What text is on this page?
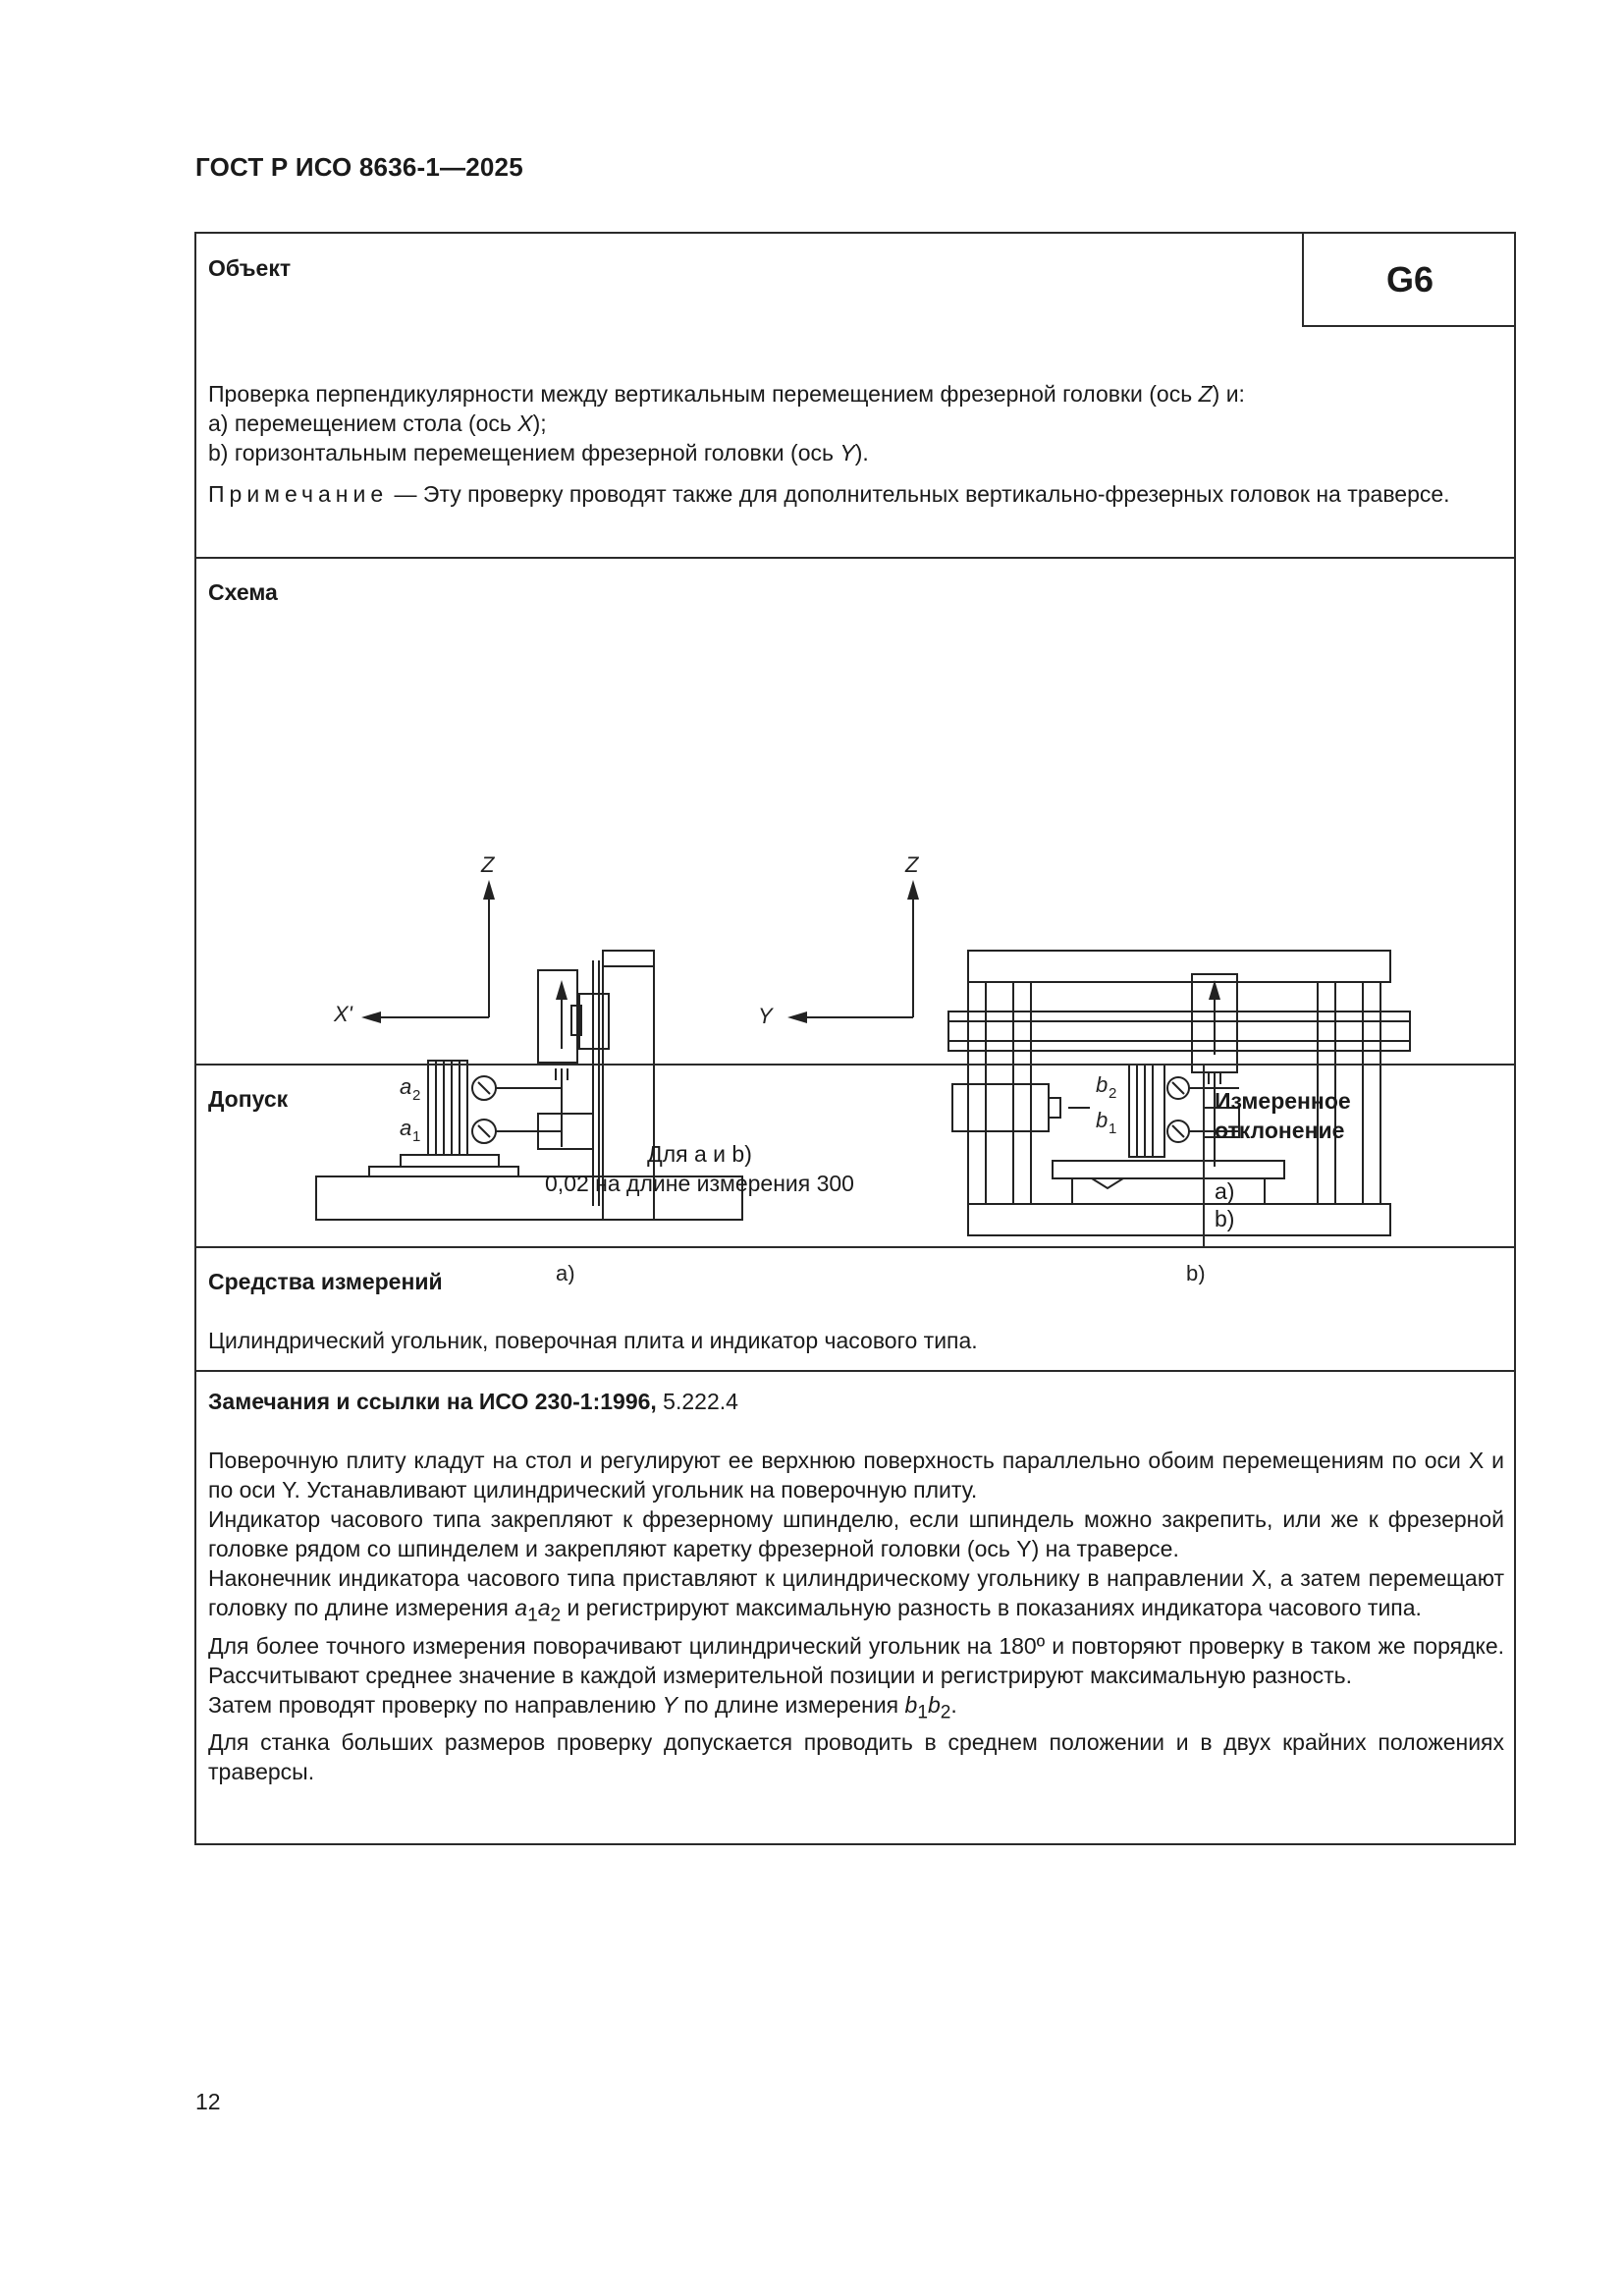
ГОСТ Р ИСО 8636-1—2025
Объект	G6
Проверка перпендикулярности между вертикальным перемещением фрезерной головки (ось Z) и:
a) перемещением стола (ось X);
b) горизонтальным перемещением фрезерной головки (ось Y).
Примечание — Эту проверку проводят также для дополнительных вертикально-фрезерных головок на траверсе.
Схема
Z
X'
a 2
a 1
a)
Z
Y
b 2
b 1
b)
Допуск
Для a и b)
0,02 на длине измерения 300
Измеренное
отклонение
a)
b)
Средства измерений
Цилиндрический угольник, поверочная плита и индикатор часового типа.
Замечания и ссылки на ИСО 230-1:1996, 5.222.4

Поверочную плиту кладут на стол и регулируют ее верхнюю поверхность параллельно обоим перемещениям по оси X и по оси Y. Устанавливают цилиндрический угольник на поверочную плиту.

Индикатор часового типа закрепляют к фрезерному шпинделю, если шпиндель можно закрепить, или же к фрезерной головке рядом со шпинделем и закрепляют каретку фрезерной головки (ось Y) на траверсе.

Наконечник индикатора часового типа приставляют к цилиндрическому угольнику в направлении X, а затем перемещают головку по длине измерения $a_1a_2$ и регистрируют максимальную разность в показаниях индикатора часового типа.

Для более точного измерения поворачивают цилиндрический угольник на 180º и повторяют проверку в таком же порядке. Рассчитывают среднее значение в каждой измерительной позиции и регистрируют максимальную разность.

Затем проводят проверку по направлению Y по длине измерения $b_1b_2$.

Для станка больших размеров проверку допускается проводить в среднем положении и в двух крайних положениях траверсы.

12
